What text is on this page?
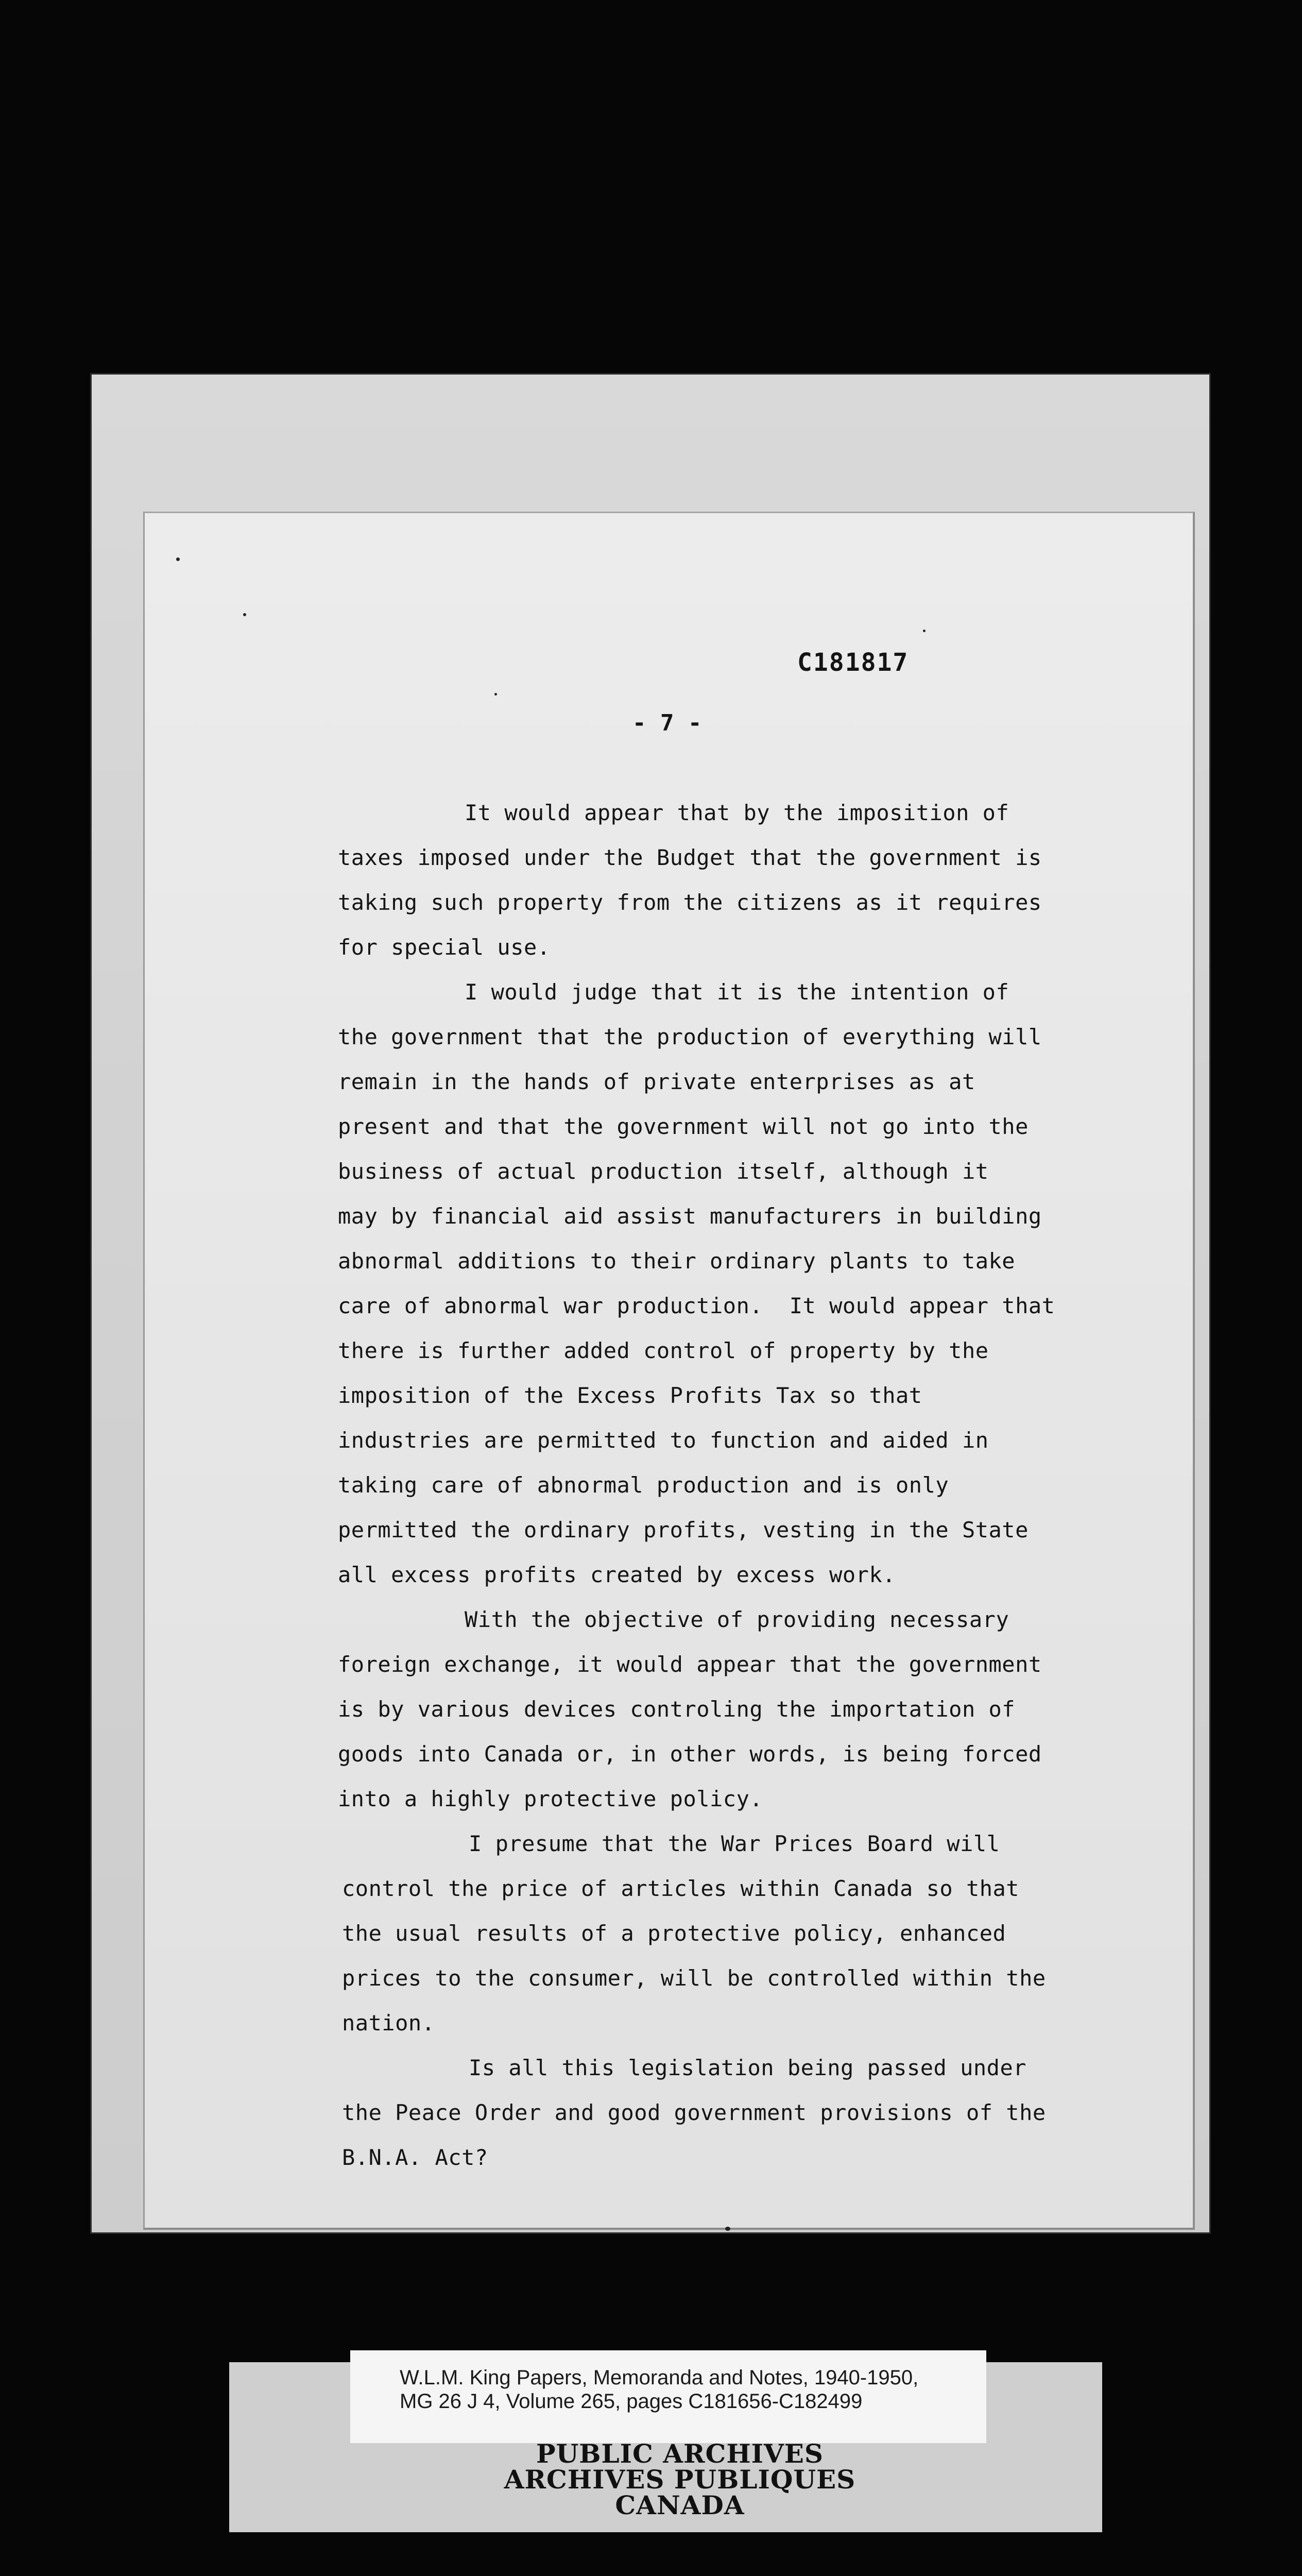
C181817
- 7 -
It would appear that by the imposition of
taxes imposed under the Budget that the government is
taking such property from the citizens as it requires
for special use.
I would judge that it is the intention of
the government that the production of everything will
remain in the hands of private enterprises as at
present and that the government will not go into the
business of actual production itself, although it
may by financial aid assist manufacturers in building
abnormal additions to their ordinary plants to take
care of abnormal war production.  It would appear that
there is further added control of property by the
imposition of the Excess Profits Tax so that
industries are permitted to function and aided in
taking care of abnormal production and is only
permitted the ordinary profits, vesting in the State
all excess profits created by excess work.
With the objective of providing necessary
foreign exchange, it would appear that the government
is by various devices controling the importation of
goods into Canada or, in other words, is being forced
into a highly protective policy.
I presume that the War Prices Board will
control the price of articles within Canada so that
the usual results of a protective policy, enhanced
prices to the consumer, will be controlled within the
nation.
Is all this legislation being passed under
the Peace Order and good government provisions of the
B.N.A. Act?
W.L.M. King Papers, Memoranda and Notes, 1940-1950,
MG 26 J 4, Volume 265, pages C181656-C182499
PUBLIC ARCHIVES
ARCHIVES PUBLIQUES
CANADA
